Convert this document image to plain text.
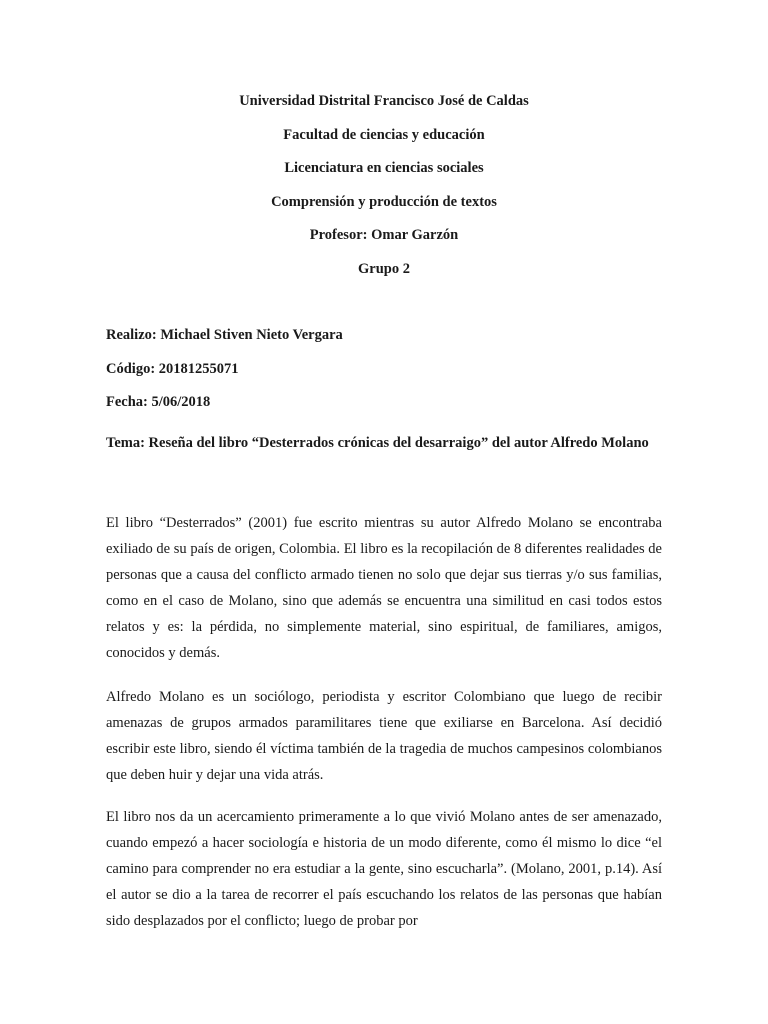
Universidad Distrital Francisco José de Caldas
Facultad de ciencias y educación
Licenciatura en ciencias sociales
Comprensión y producción de textos
Profesor: Omar Garzón
Grupo 2
Realizo: Michael Stiven Nieto Vergara
Código: 20181255071
Fecha: 5/06/2018
Tema: Reseña del libro “Desterrados crónicas del desarraigo” del autor Alfredo Molano

El libro “Desterrados” (2001) fue escrito mientras su autor Alfredo Molano se encontraba exiliado de su país de origen, Colombia. El libro es la recopilación de 8 diferentes realidades de personas que a causa del conflicto armado tienen no solo que dejar sus tierras y/o sus familias, como en el caso de Molano, sino que además se encuentra una similitud en casi todos estos relatos y es: la pérdida, no simplemente material, sino espiritual, de familiares, amigos, conocidos y demás.

Alfredo Molano es un sociólogo, periodista y escritor Colombiano que luego de recibir amenazas de grupos armados paramilitares tiene que exiliarse en Barcelona. Así decidió escribir este libro, siendo él víctima también de la tragedia de muchos campesinos colombianos que deben huir y dejar una vida atrás.

El libro nos da un acercamiento primeramente a lo que vivió Molano antes de ser amenazado, cuando empezó a hacer sociología e historia de un modo diferente, como él mismo lo dice “el camino para comprender no era estudiar a la gente, sino escucharla”. (Molano, 2001, p.14). Así el autor se dio a la tarea de recorrer el país escuchando los relatos de las personas que habían sido desplazados por el conflicto; luego de probar por
